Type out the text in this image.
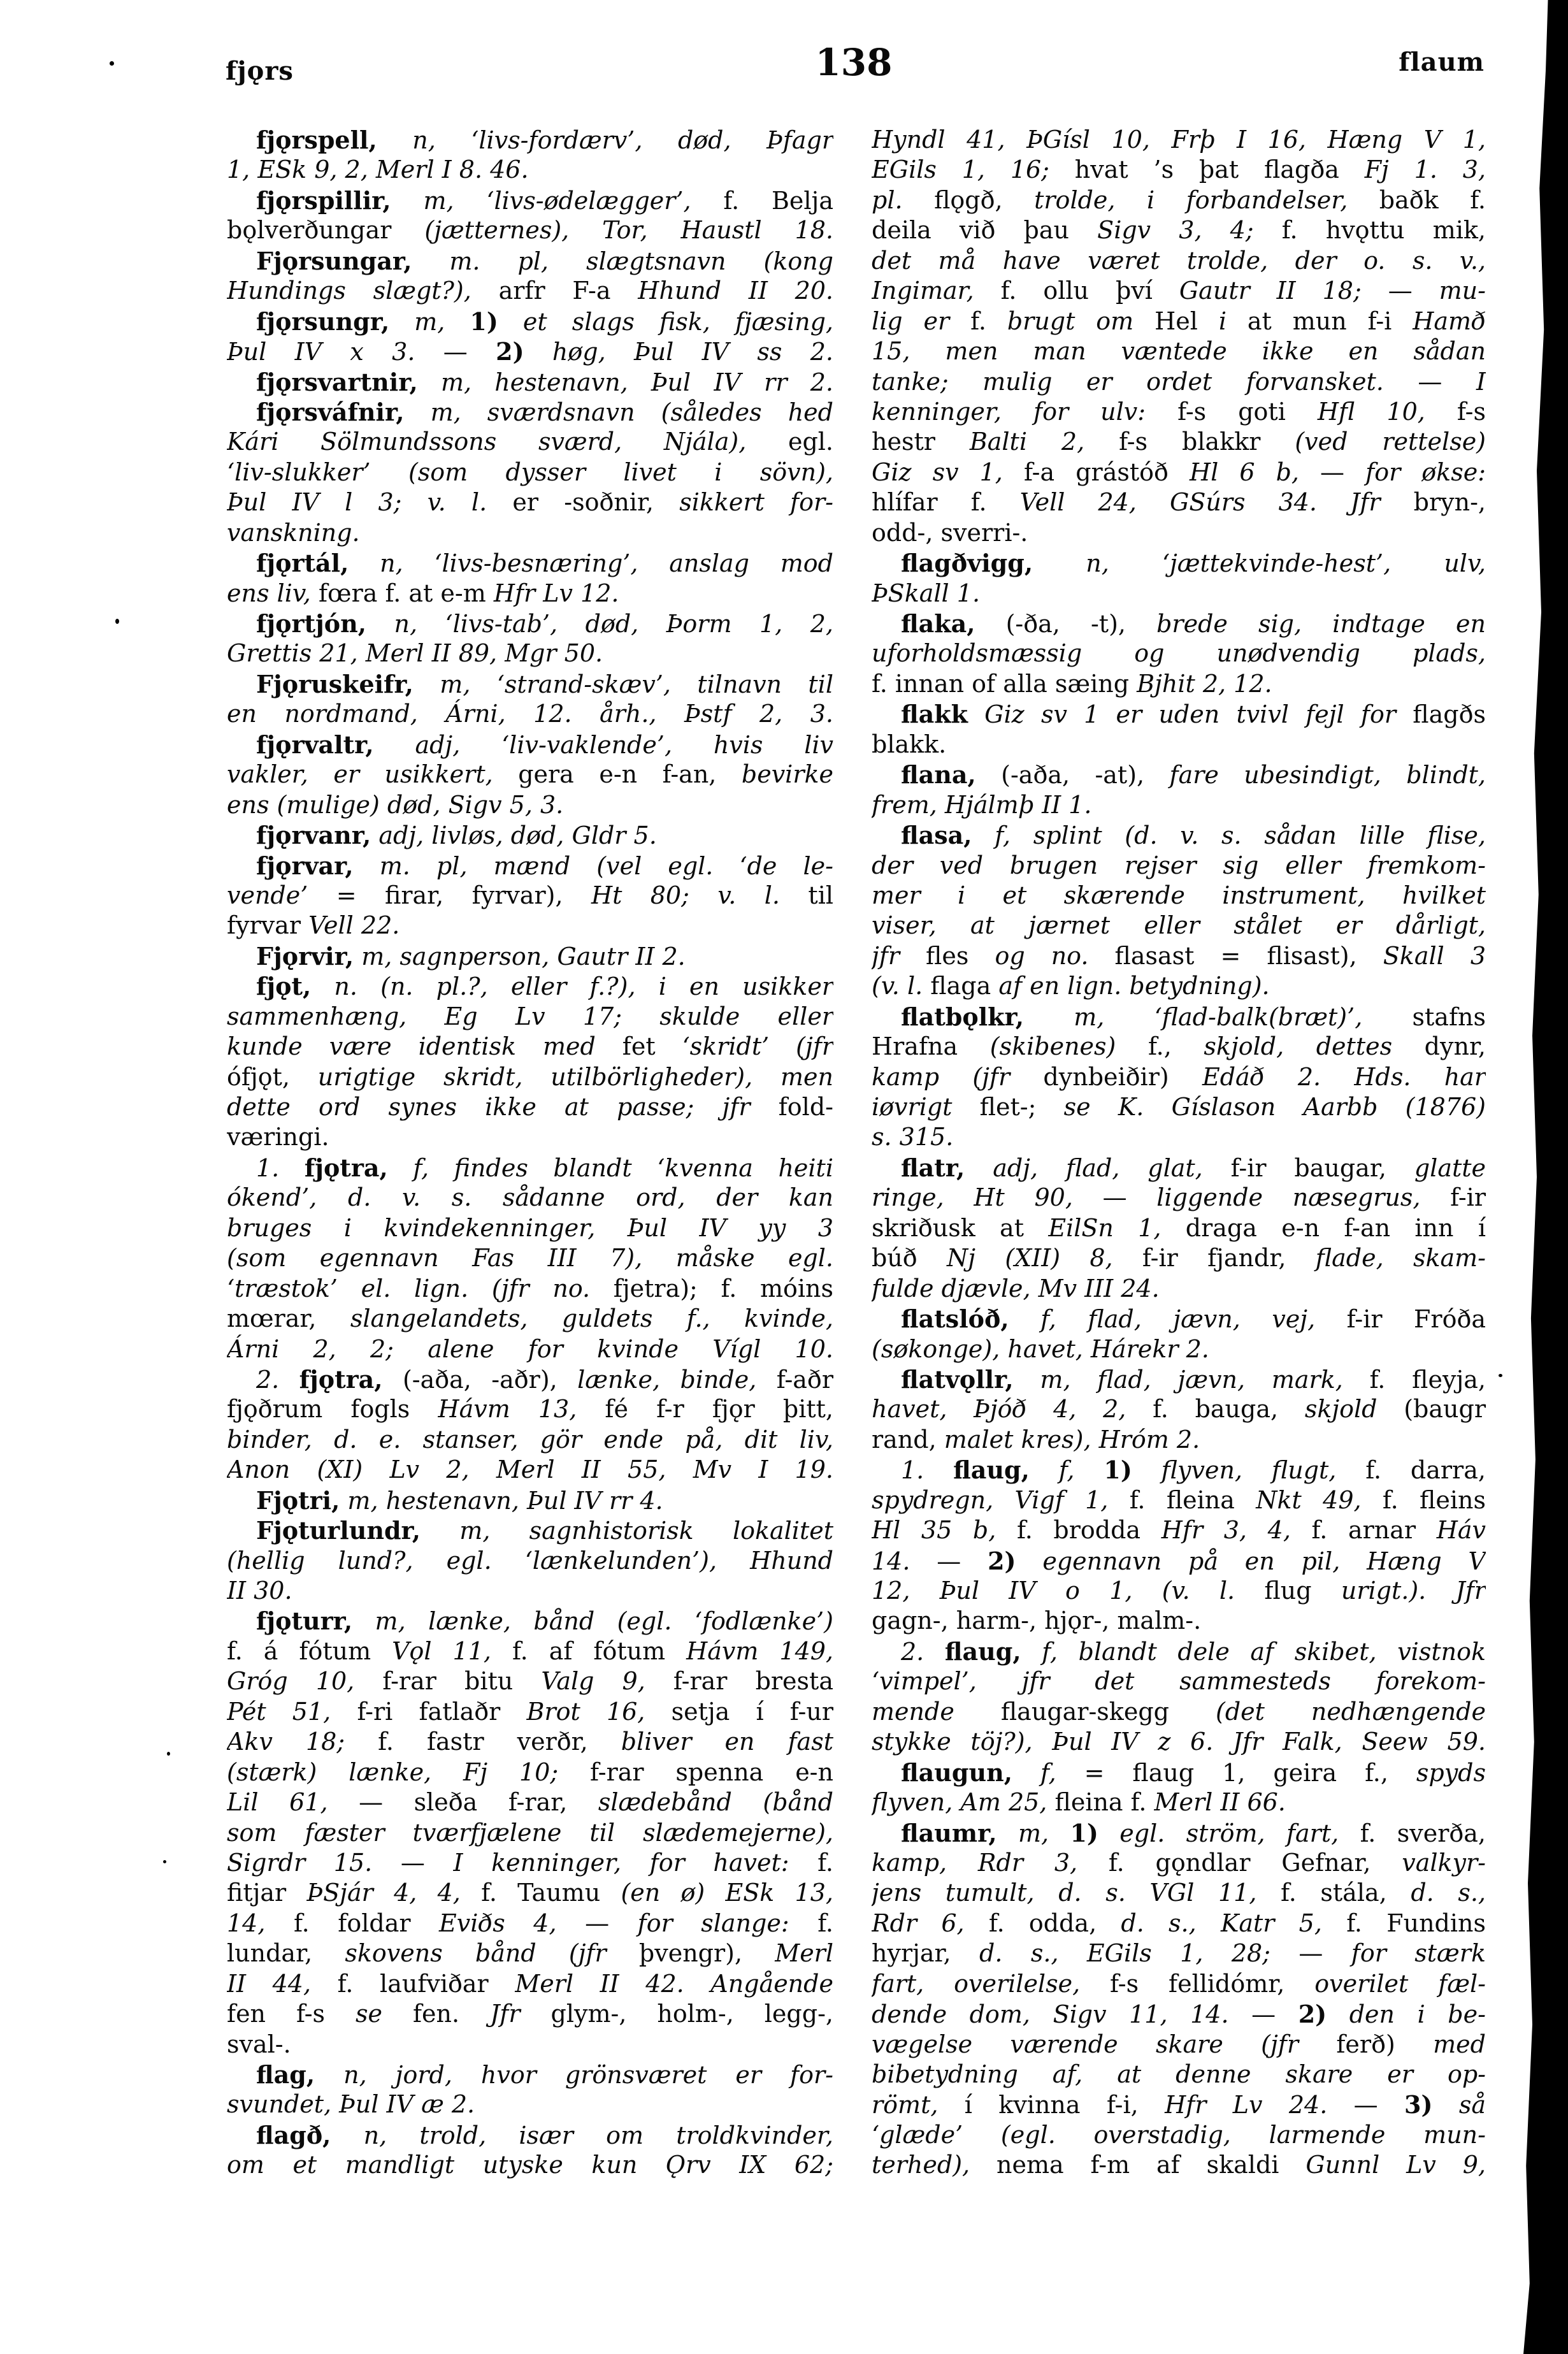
fjǫrs	138	flaum
fjǫrspell, n, ‘livs-fordærv’, død, Þfagr
1, ESk 9, 2, Merl I 8. 46.
fjǫrspillir, m, ‘livs-ødelægger’, f. Belja
bǫlverðungar (jætternes), Tor, Haustl 18.
Fjǫrsungar, m. pl, slægtsnavn (kong
Hundings slægt?), arfr F-a Hhund II 20.
fjǫrsungr, m, 1) et slags fisk, fjæsing,
Þul IV x 3. — 2) høg, Þul IV ss 2.
fjǫrsvartnir, m, hestenavn, Þul IV rr 2.
fjǫrsváfnir, m, sværdsnavn (således hed
Kári Sölmundssons sværd, Njála), egl.
‘liv-slukker’ (som dysser livet i sövn),
Þul IV l 3; v. l. er -soðnir, sikkert for-
vanskning.
fjǫrtál, n, ‘livs-besnæring’, anslag mod
ens liv, fœra f. at e-m Hfr Lv 12.
fjǫrtjón, n, ‘livs-tab’, død, Þorm 1, 2,
Grettis 21, Merl II 89, Mgr 50.
Fjǫruskeifr, m, ‘strand-skæv’, tilnavn til
en nordmand, Árni, 12. årh., Þstf 2, 3.
fjǫrvaltr, adj, ‘liv-vaklende’, hvis liv
vakler, er usikkert, gera e-n f-an, bevirke
ens (mulige) død, Sigv 5, 3.
fjǫrvanr, adj, livløs, død, Gldr 5.
fjǫrvar, m. pl, mænd (vel egl. ‘de le-
vende’ = firar, fyrvar), Ht 80; v. l. til
fyrvar Vell 22.
Fjǫrvir, m, sagnperson, Gautr II 2.
fjǫt, n. (n. pl.?, eller f.?), i en usikker
sammenhæng, Eg Lv 17; skulde eller
kunde være identisk med fet ‘skridt’ (jfr
ófjǫt, urigtige skridt, utilbörligheder), men
dette ord synes ikke at passe; jfr fold-
væringi.
1. fjǫtra, f, findes blandt ‘kvenna heiti
ókend’, d. v. s. sådanne ord, der kan
bruges i kvindekenninger, Þul IV yy 3
(som egennavn Fas III 7), måske egl.
‘træstok’ el. lign. (jfr no. fjetra); f. móins
mœrar, slangelandets, guldets f., kvinde,
Árni 2, 2; alene for kvinde Vígl 10.
2. fjǫtra, (-aða, -aðr), lænke, binde, f-aðr
fjǫðrum fogls Hávm 13, fé f-r fjǫr þitt,
binder, d. e. stanser, gör ende på, dit liv,
Anon (XI) Lv 2, Merl II 55, Mv I 19.
Fjǫtri, m, hestenavn, Þul IV rr 4.
Fjǫturlundr, m, sagnhistorisk lokalitet
(hellig lund?, egl. ‘lænkelunden’), Hhund
II 30.
fjǫturr, m, lænke, bånd (egl. ‘fodlænke’)
f. á fótum Vǫl 11, f. af fótum Hávm 149,
Gróg 10, f-rar bitu Valg 9, f-rar bresta
Pét 51, f-ri fatlaðr Brot 16, setja í f-ur
Akv 18; f. fastr verðr, bliver en fast
(stærk) lænke, Fj 10; f-rar spenna e-n
Lil 61, — sleða f-rar, slædebånd (bånd
som fæster tværfjælene til slædemejerne),
Sigrdr 15. — I kenninger, for havet: f.
fitjar ÞSjár 4, 4, f. Taumu (en ø) ESk 13,
14, f. foldar Eviðs 4, — for slange: f.
lundar, skovens bånd (jfr þvengr), Merl
II 44, f. laufviðar Merl II 42. Angående
fen f-s se fen. Jfr glym-, holm-, legg-,
sval-.
flag, n, jord, hvor grönsværet er for-
svundet, Þul IV æ 2.
flagð, n, trold, især om troldkvinder,
om et mandligt utyske kun Ǫrv IX 62;
Hyndl 41, ÞGísl 10, Frþ I 16, Hæng V 1,
EGils 1, 16; hvat ’s þat flagða Fj 1. 3,
pl. flǫgð, trolde, i forbandelser, baðk f.
deila við þau Sigv 3, 4; f. hvǫttu mik,
det må have været trolde, der o. s. v.,
Ingimar, f. ollu því Gautr II 18; — mu-
lig er f. brugt om Hel i at mun f-i Hamð
15, men man væntede ikke en sådan
tanke; mulig er ordet forvansket. — I
kenninger, for ulv: f-s goti Hfl 10, f-s
hestr Balti 2, f-s blakkr (ved rettelse)
Giz sv 1, f-a grástóð Hl 6 b, — for økse:
hlífar f. Vell 24, GSúrs 34. Jfr bryn-,
odd-, sverri-.
flagðvigg, n, ‘jættekvinde-hest’, ulv,
ÞSkall 1.
flaka, (-ða, -t), brede sig, indtage en
uforholdsmæssig og unødvendig plads,
f. innan of alla sæing Bjhit 2, 12.
flakk Giz sv 1 er uden tvivl fejl for flagðs
blakk.
flana, (-aða, -at), fare ubesindigt, blindt,
frem, Hjálmþ II 1.
flasa, f, splint (d. v. s. sådan lille flise,
der ved brugen rejser sig eller fremkom-
mer i et skærende instrument, hvilket
viser, at jærnet eller stålet er dårligt,
jfr fles og no. flasast = flisast), Skall 3
(v. l. flaga af en lign. betydning).
flatbǫlkr, m, ‘flad-balk(bræt)’, stafns
Hrafna (skibenes) f., skjold, dettes dynr,
kamp (jfr dynbeiðir) Edáð 2. Hds. har
iøvrigt flet-; se K. Gíslason Aarbb (1876)
s. 315.
flatr, adj, flad, glat, f-ir baugar, glatte
ringe, Ht 90, — liggende næsegrus, f-ir
skriðusk at EilSn 1, draga e-n f-an inn í
búð Nj (XII) 8, f-ir fjandr, flade, skam-
fulde djævle, Mv III 24.
flatslóð, f, flad, jævn, vej, f-ir Fróða
(søkonge), havet, Hárekr 2.
flatvǫllr, m, flad, jævn, mark, f. fleyja,
havet, Þjóð 4, 2, f. bauga, skjold (baugr
rand, malet kres), Hróm 2.
1. flaug, f, 1) flyven, flugt, f. darra,
spydregn, Vigf 1, f. fleina Nkt 49, f. fleins
Hl 35 b, f. brodda Hfr 3, 4, f. arnar Háv
14. — 2) egennavn på en pil, Hæng V
12, Þul IV o 1, (v. l. flug urigt.). Jfr
gagn-, harm-, hjǫr-, malm-.
2. flaug, f, blandt dele af skibet, vistnok
‘vimpel’, jfr det sammesteds forekom-
mende flaugar-skegg (det nedhængende
stykke töj?), Þul IV z 6. Jfr Falk, Seew 59.
flaugun, f, = flaug 1, geira f., spyds
flyven, Am 25, fleina f. Merl II 66.
flaumr, m, 1) egl. ström, fart, f. sverða,
kamp, Rdr 3, f. gǫndlar Gefnar, valkyr-
jens tumult, d. s. VGl 11, f. stála, d. s.,
Rdr 6, f. odda, d. s., Katr 5, f. Fundins
hyrjar, d. s., EGils 1, 28; — for stærk
fart, overilelse, f-s fellidómr, overilet fæl-
dende dom, Sigv 11, 14. — 2) den i be-
vægelse værende skare (jfr ferð) med
bibetydning af, at denne skare er op-
römt, í kvinna f-i, Hfr Lv 24. — 3) så
‘glæde’ (egl. overstadig, larmende mun-
terhed), nema f-m af skaldi Gunnl Lv 9,
